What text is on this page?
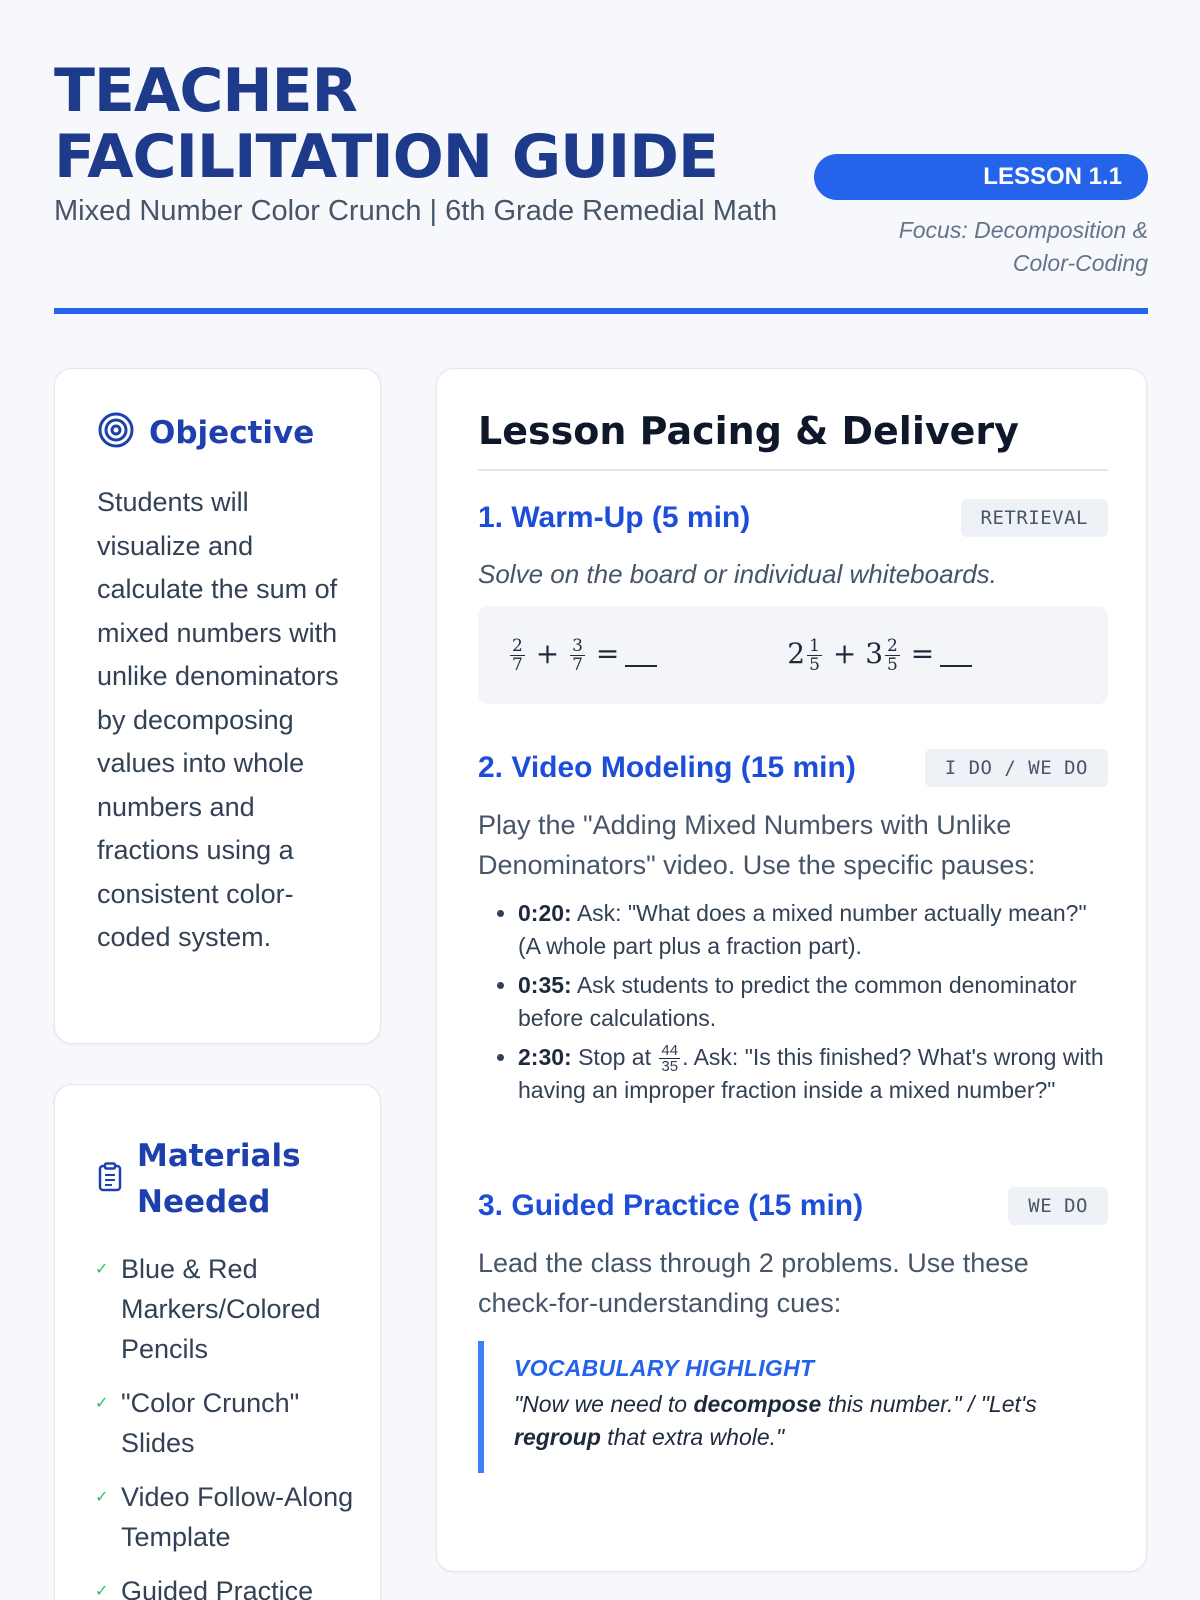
TEACHER FACILITATION GUIDE
Mixed Number Color Crunch | 6th Grade Remedial Math
LESSON 1.1
Focus: Decomposition & Color-Coding
Objective
Students will visualize and calculate the sum of mixed numbers with unlike denominators by decomposing values into whole numbers and fractions using a consistent color-coded system.
Materials Needed
✓ Blue & Red Markers/Colored Pencils
✓ "Color Crunch" Slides
✓ Video Follow-Along Template
✓ Guided Practice
Lesson Pacing & Delivery
1. Warm-Up (5 min)	RETRIEVAL
Solve on the board or individual whiteboards.
$\frac{2}{7} + \frac{3}{7}$ =	$2 \frac{1}{5} + 3 \frac{2}{5}$ =
2. Video Modeling (15 min)	I DO / WE DO
Play the "Adding Mixed Numbers with Unlike Denominators" video. Use the specific pauses:
• 0:20: Ask: "What does a mixed number actually mean?" (A whole part plus a fraction part).
• 0:35: Ask students to predict the common denominator before calculations.
• 2:30: Stop at $\frac{44}{35}$ . Ask: "Is this finished? What's wrong with having an improper fraction inside a mixed number?"
3. Guided Practice (15 min)	WE DO
Lead the class through 2 problems. Use these check-for-understanding cues:
VOCABULARY HIGHLIGHT
"Now we need to decompose this number." / "Let's regroup that extra whole."
